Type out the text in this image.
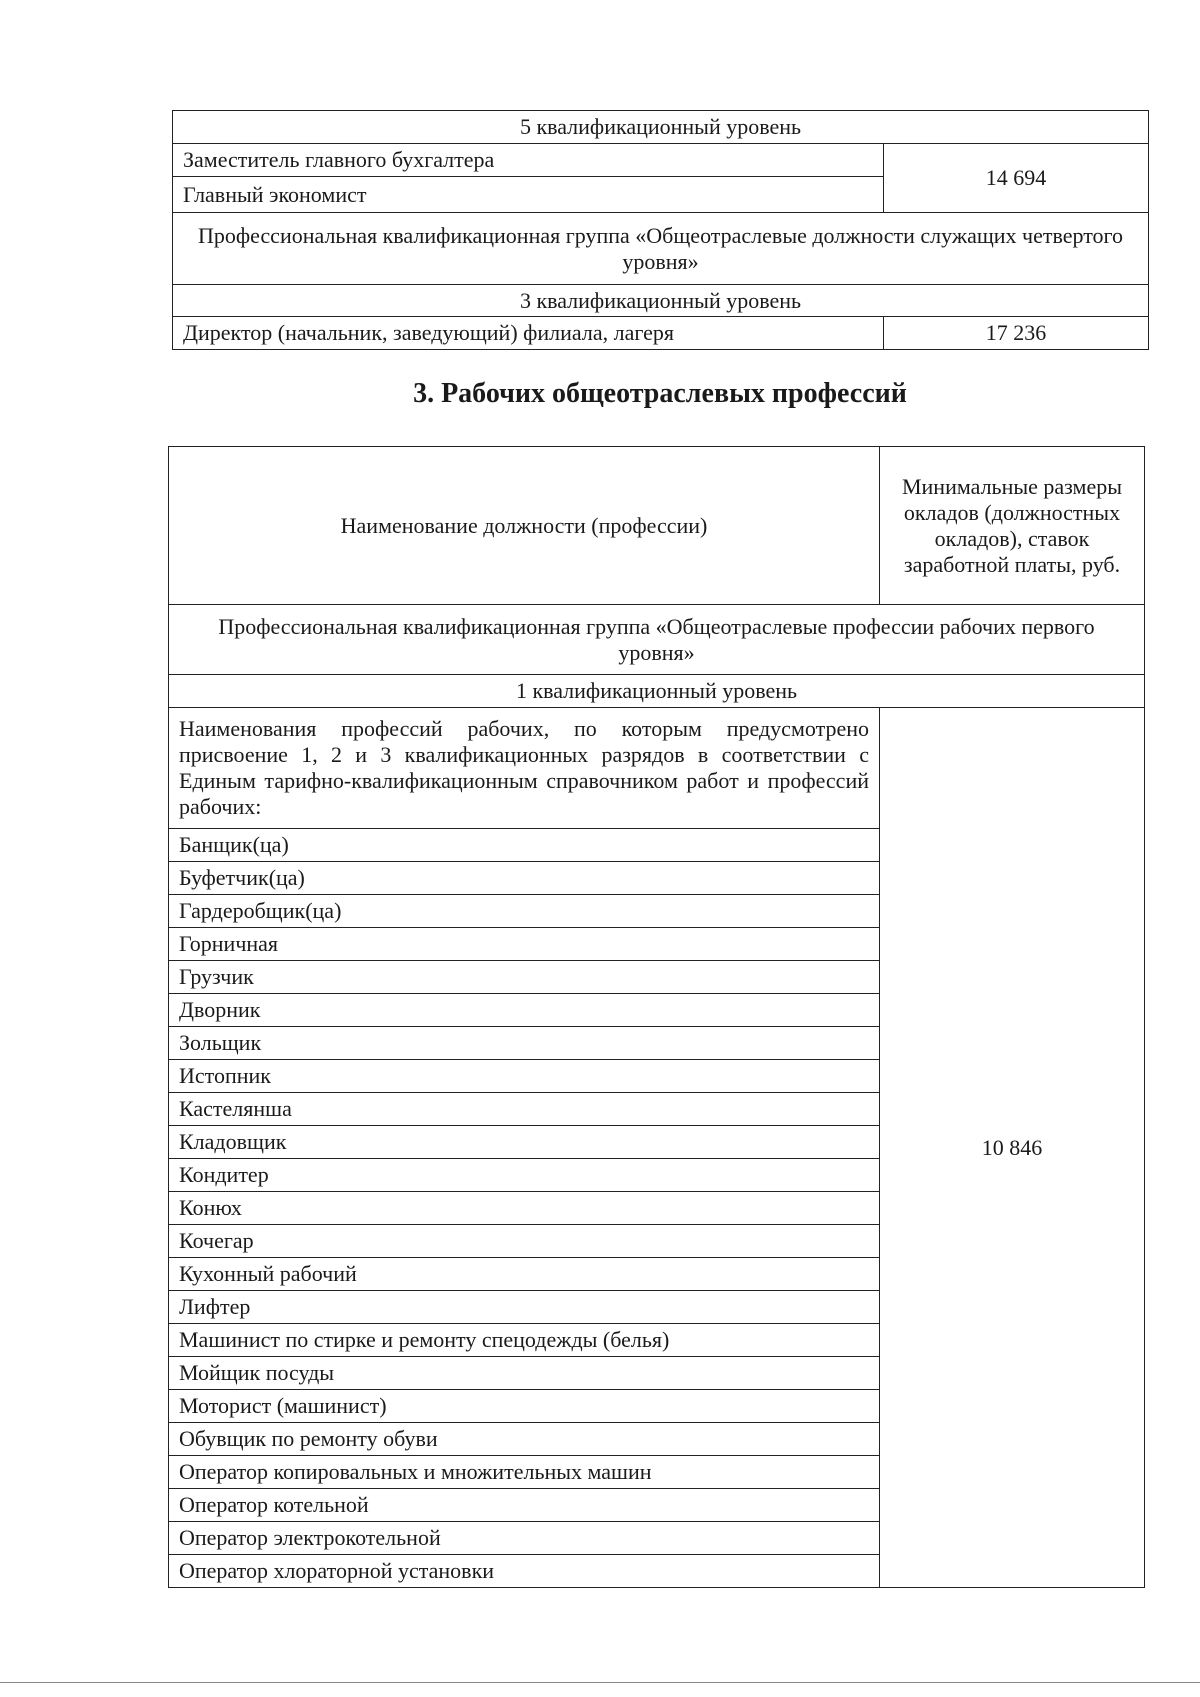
5 квалификационный уровень	
Заместитель главного бухгалтера	14 694
Главный экономист	
Профессиональная квалификационная группа «Общеотраслевые должности служащих четвертого уровня»	
3 квалификационный уровень	
Директор (начальник, заведующий) филиала, лагеря	17 236
3. Рабочих общеотраслевых профессий
Наименование должности (профессии)	Минимальные размеры окладов (должностных окладов), ставок заработной платы, руб.
Профессиональная квалификационная группа «Общеотраслевые профессии рабочих первого уровня»	
1 квалификационный уровень	
Наименования профессий рабочих, по которым предусмотрено присвоение 1, 2 и 3 квалификационных разрядов в соответствии с Единым тарифно-квалификационным справочником работ и профессий рабочих:	10 846
Банщик(ца)	
Буфетчик(ца)	
Гардеробщик(ца)	
Горничная	
Грузчик	
Дворник	
Зольщик	
Истопник	
Кастелянша	
Кладовщик	
Кондитер	
Конюх	
Кочегар	
Кухонный рабочий	
Лифтер	
Машинист по стирке и ремонту спецодежды (белья)	
Мойщик посуды	
Моторист (машинист)	
Обувщик по ремонту обуви	
Оператор копировальных и множительных машин	
Оператор котельной	
Оператор электрокотельной	
Оператор хлораторной установки	
